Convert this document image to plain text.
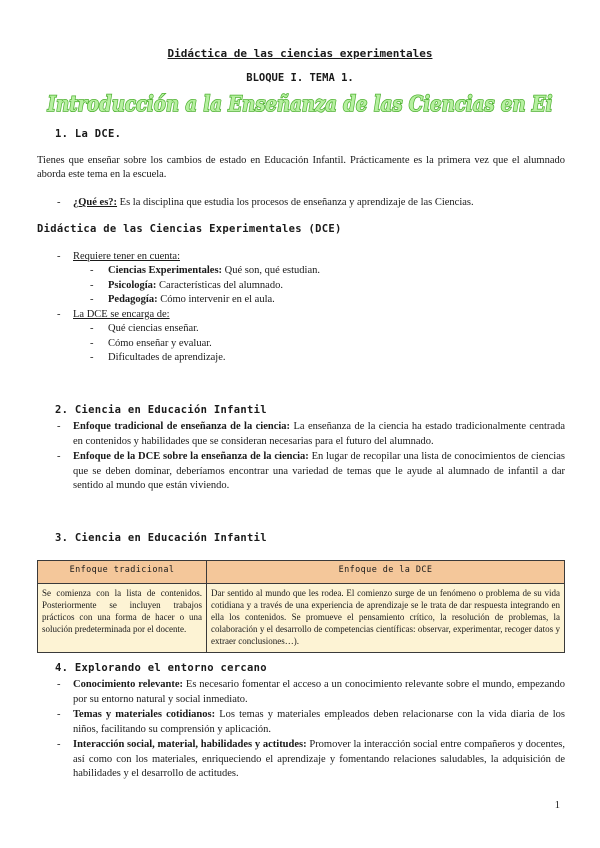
Didáctica de las ciencias experimentales
BLOQUE I. TEMA 1.
Introducción a la Enseñanza de las Ciencias en Ei
1. La DCE.
Tienes que enseñar sobre los cambios de estado en Educación Infantil. Prácticamente es la primera vez que el alumnado aborda este tema en la escuela.
-	¿Qué es?: Es la disciplina que estudia los procesos de enseñanza y aprendizaje de las Ciencias.
Didáctica de las Ciencias Experimentales (DCE)
-	Requiere tener en cuenta:
- Ciencias Experimentales: Qué son, qué estudian.
- Psicología: Características del alumnado.
- Pedagogía: Cómo intervenir en el aula.
-	La DCE se encarga de:
- Qué ciencias enseñar.
- Cómo enseñar y evaluar.
- Dificultades de aprendizaje.
2. Ciencia en Educación Infantil
-	Enfoque tradicional de enseñanza de la ciencia: La enseñanza de la ciencia ha estado tradicionalmente centrada en contenidos y habilidades que se consideran necesarias para el futuro del alumnado.
-	Enfoque de la DCE sobre la enseñanza de la ciencia: En lugar de recopilar una lista de conocimientos de ciencias que se deben dominar, deberíamos encontrar una variedad de temas que le ayude al alumnado de infantil a dar sentido al mundo que están viviendo.
3. Ciencia en Educación Infantil
Enfoque tradicional	Enfoque de la DCE
Se comienza con la lista de contenidos. Posteriormente se incluyen trabajos prácticos con una forma de hacer o una solución predeterminada por el docente.	Dar sentido al mundo que les rodea. El comienzo surge de un fenómeno o problema de su vida cotidiana y a través de una experiencia de aprendizaje se le trata de dar respuesta integrando en ella los contenidos. Se promueve el pensamiento crítico, la resolución de problemas, la colaboración y el desarrollo de competencias científicas: observar, experimentar, recoger datos y extraer conclusiones…).
4. Explorando el entorno cercano
-	Conocimiento relevante: Es necesario fomentar el acceso a un conocimiento relevante sobre el mundo, empezando por su entorno natural y social inmediato.
-	Temas y materiales cotidianos: Los temas y materiales empleados deben relacionarse con la vida diaria de los niños, facilitando su comprensión y aplicación.
-	Interacción social, material, habilidades y actitudes: Promover la interacción social entre compañeros y docentes, así como con los materiales, enriqueciendo el aprendizaje y fomentando relaciones saludables, la adquisición de habilidades y el desarrollo de actitudes.
1
